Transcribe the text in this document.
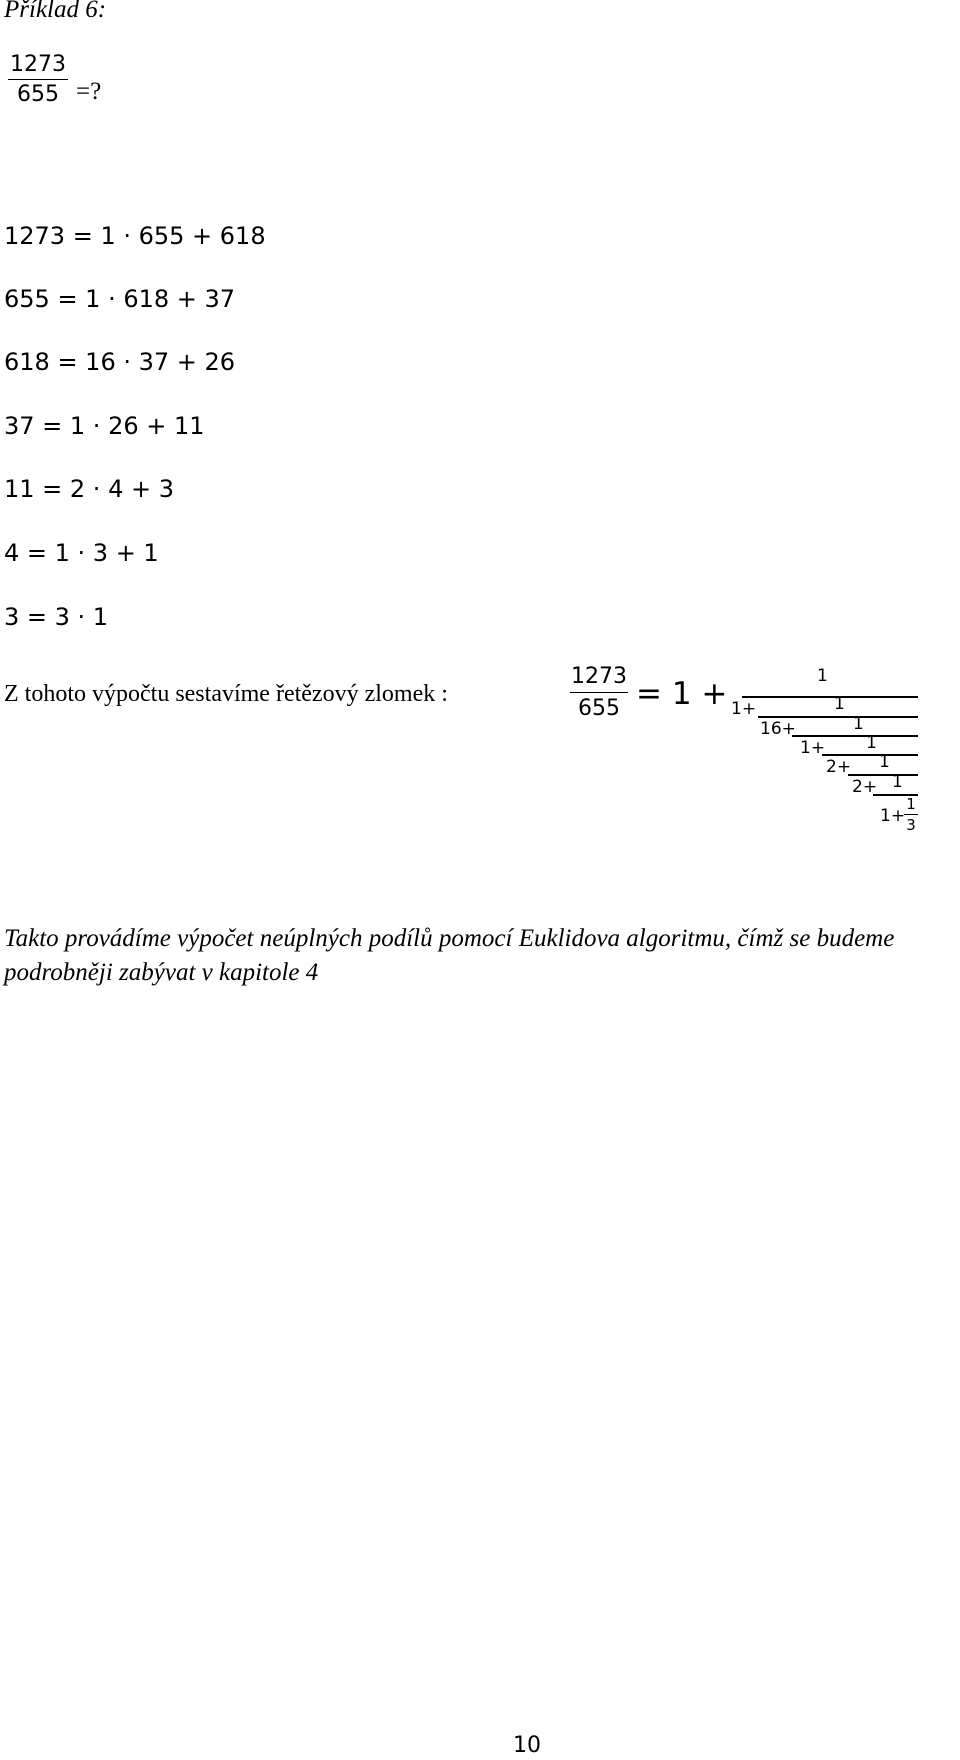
Příklad 6:
1273
655 =?
1273 = 1 · 655 + 618
655 = 1 · 618 + 37
618 = 16 · 37 + 26
37 = 1 · 26 + 11
11 = 2 · 4 + 3
4 = 1 · 3 + 1
3 = 3 · 1
Z tohoto výpočtu sestavíme řetězový zlomek :
1273
655 = 1 +	1
1
1
1
1
1
1+
16+
1+
2+
2+
1+
1
3
Takto provádíme výpočet neúplných podílů pomocí Euklidova algoritmu, čímž se budeme podrobněji zabývat v kapitole 4
10
